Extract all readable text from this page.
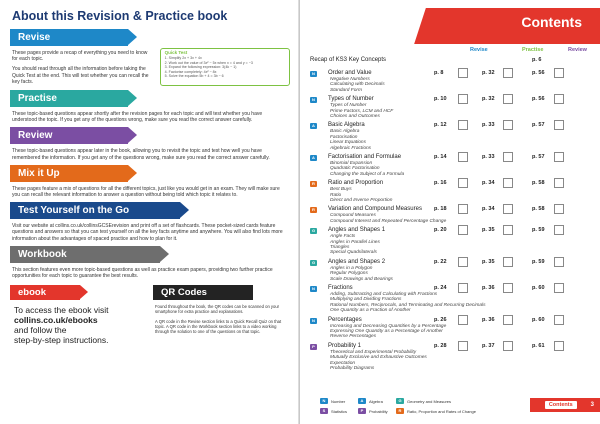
About this Revision & Practice book
Revise
These pages provide a recap of everything you need to know for each topic.
You should read through all the information before taking the Quick Test at the end. This will test whether you can recall the key facts.
Quick Test
1. Simplify 2x + 3x + 4x
2. Work out the value of 3x² − 5x when x = 4 and y = −3
3. Expand the following expression: 3(4k − 1)
4. Factorise completely: 4x² − 8x
5. Solve the equation 5b + 4 = 3b − 6
Practise
These topic-based questions appear shortly after the revision pages for each topic and will test whether you have understood the topic. If you get any of the questions wrong, make sure you read the correct answer carefully.
Review
These topic-based questions appear later in the book, allowing you to revisit the topic and test how well you have remembered the information. If you get any of the questions wrong, make sure you read the correct answer carefully.
Mix it Up
These pages feature a mix of questions for all the different topics, just like you would get in an exam. They will make sure you can recall the relevant information to answer a question without being told which topic it relates to.
Test Yourself on the Go
Visit our website at collins.co.uk/collinsGCSErevision and print off a set of flashcards. These pocket-sized cards feature questions and answers so that you can test yourself on all the key facts anytime and anywhere. You will also find lots more information about the advantages of spaced practice and how to plan for it.
Workbook
This section features even more topic-based questions as well as practice exam papers, providing two further practice opportunities for each topic to guarantee the best results.
ebook
To access the ebook visit
collins.co.uk/ebooks
and follow the
step-by-step instructions.
QR Codes
Found throughout the book, the QR codes can be scanned on your smartphone for extra practice and explanations.
A QR code in the Revise section links to a Quick Recall Quiz on that topic. A QR code in the Workbook section links to a video working through the solution to one of the questions on that topic.
Contents
Revise	Practise	Review
Recap of KS3 Key Concepts	p. 6
N	Order and Value
Negative Numbers
Calculating with Decimals
Standard Form
p. 8	p. 32	p. 56
N	Types of Number
Types of Number
Prime Factors, LCM and HCF
Choices and Outcomes
p. 10	p. 32	p. 56
A	Basic Algebra
Basic Algebra
Factorisation
Linear Equations
Algebraic Fractions
p. 12	p. 33	p. 57
A	Factorisation and Formulae
Binomial Expansion
Quadratic Factorisation
Changing the Subject of a Formula
p. 14	p. 33	p. 57
R	Ratio and Proportion
Best Buys
Ratio
Direct and Inverse Proportion
p. 16	p. 34	p. 58
R	Variation and Compound Measures
Compound Measures
Compound Interest and Repeated Percentage Change
p. 18	p. 34	p. 58
G	Angles and Shapes 1
Angle Facts
Angles in Parallel Lines
Triangles
Special Quadrilaterals
p. 20	p. 35	p. 59
G	Angles and Shapes 2
Angles in a Polygon
Regular Polygons
Scale Drawings and Bearings
p. 22	p. 35	p. 59
N	Fractions
Adding, Subtracting and Calculating with Fractions
Multiplying and Dividing Fractions
Rational Numbers, Reciprocals, and Terminating and Recurring Decimals
One Quantity as a Fraction of Another
p. 24	p. 36	p. 60
N	Percentages
Increasing and Decreasing Quantities by a Percentage
Expressing One Quantity as a Percentage of Another
Reverse Percentages
p. 26	p. 36	p. 60
P	Probability 1
Theoretical and Experimental Probability
Mutually Exclusive and Exhaustive Outcomes
Expectation
Probability Diagrams
p. 28	p. 37	p. 61
N	Number	A	Algebra	G	Geometry and Measures
S	Statistics	P	Probability	R	Ratio, Proportion and Rates of Change
Contents	3
